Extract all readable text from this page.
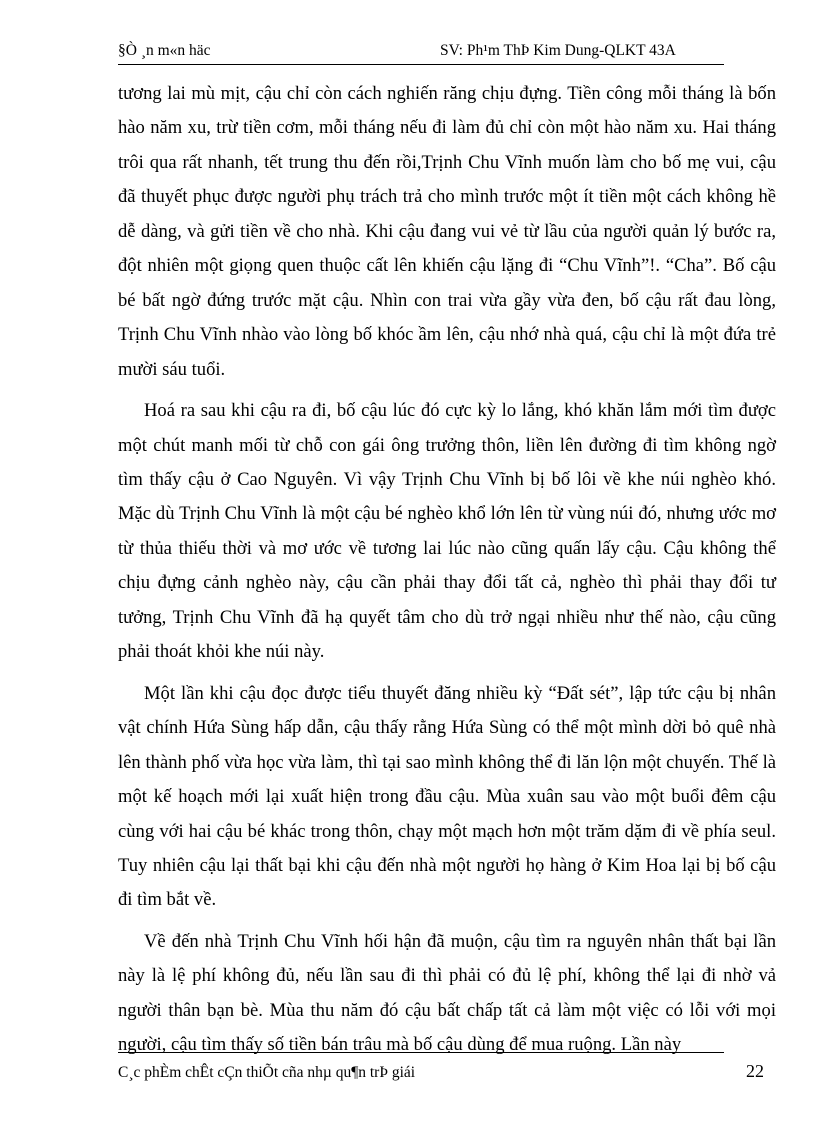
§Ò ¸n m«n häc	SV: Ph¹m ThÞ Kim Dung-QLKT 43A

tương lai mù mịt, cậu chỉ còn cách nghiến răng chịu đựng. Tiền công mỗi tháng là bốn hào năm xu, trừ tiền cơm, mỗi tháng nếu đi làm đủ chỉ còn một hào năm xu. Hai tháng trôi qua rất nhanh, tết trung thu đến rồi,Trịnh Chu Vĩnh muốn làm cho bố mẹ vui, cậu đã thuyết phục được người phụ trách trả cho mình trước một ít tiền một cách không hề dễ dàng, và gửi tiền về cho nhà. Khi cậu đang vui vẻ từ lầu của người quản lý bước ra, đột nhiên một giọng quen thuộc cất lên khiến cậu lặng đi “Chu Vĩnh”!. “Cha”. Bố cậu bé bất ngờ đứng trước mặt cậu. Nhìn con trai vừa gầy vừa đen, bố cậu rất đau lòng, Trịnh Chu Vĩnh nhào vào lòng bố khóc ầm lên, cậu nhớ nhà quá, cậu chỉ là một đứa trẻ mười sáu tuổi.

Hoá ra sau khi cậu ra đi, bố cậu lúc đó cực kỳ lo lắng, khó khăn lắm mới tìm được một chút manh mối từ chỗ con gái ông trưởng thôn, liền lên đường đi tìm không ngờ tìm thấy cậu ở Cao Nguyên. Vì vậy Trịnh Chu Vĩnh bị bố lôi về khe núi nghèo khó. Mặc dù Trịnh Chu Vĩnh là một cậu bé nghèo khổ lớn lên từ vùng núi đó, nhưng ước mơ từ thủa thiếu thời và mơ ước về tương lai lúc nào cũng quấn lấy cậu. Cậu không thể chịu đựng cảnh nghèo này, cậu cần phải thay đổi tất cả, nghèo thì phải thay đổi tư tưởng, Trịnh Chu Vĩnh đã hạ quyết tâm cho dù trở ngại nhiều như thế nào, cậu cũng phải thoát khỏi khe núi này.

Một lần khi cậu đọc được tiểu thuyết đăng nhiều kỳ “Đất sét”, lập tức cậu bị nhân vật chính Hứa Sùng hấp dẫn, cậu thấy rằng Hứa Sùng có thể một mình dời bỏ quê nhà lên thành phố vừa học vừa làm, thì tại sao mình không thể đi lăn lộn một chuyến. Thế là một kế hoạch mới lại xuất hiện trong đầu cậu. Mùa xuân sau vào một buổi đêm cậu cùng với hai cậu bé khác trong thôn, chạy một mạch hơn một trăm dặm đi về phía seul. Tuy nhiên cậu lại thất bại khi cậu đến nhà một người họ hàng ở Kim Hoa lại bị bố cậu đi tìm bắt về.

Về đến nhà Trịnh Chu Vĩnh hối hận đã muộn, cậu tìm ra nguyên nhân thất bại lần này là lệ phí không đủ, nếu lần sau đi thì phải có đủ lệ phí, không thể lại đi nhờ vả người thân bạn bè. Mùa thu năm đó cậu bất chấp tất cả làm một việc có lỗi với mọi người, cậu tìm thấy số tiền bán trâu mà bố cậu dùng để mua ruộng. Lần này

C¸c phÈm chÊt cÇn thiÕt cña nhµ qu¶n trÞ giái	22
